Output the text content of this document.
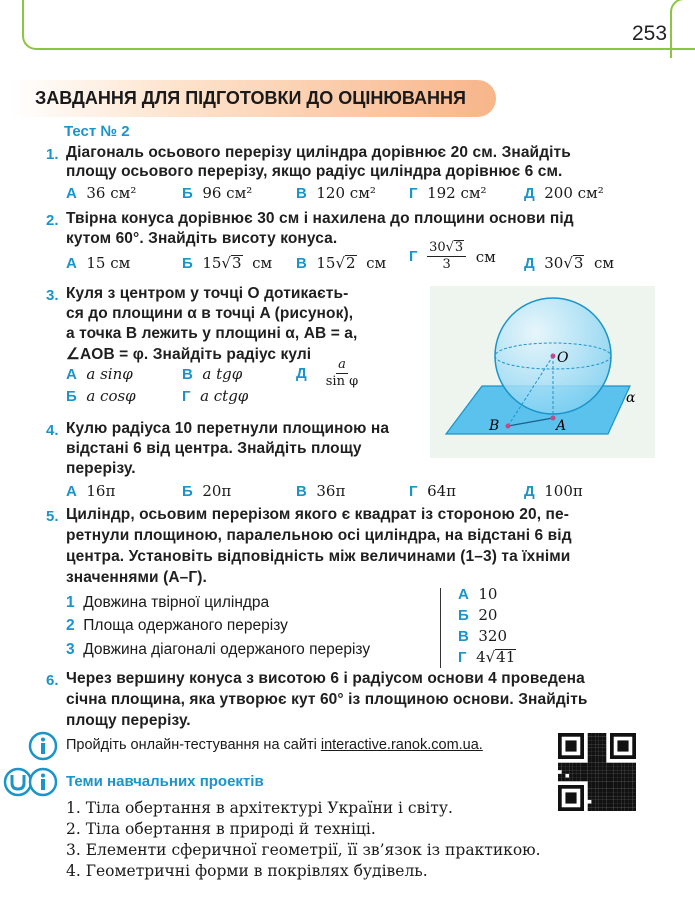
253
ЗАВДАННЯ ДЛЯ ПІДГОТОВКИ ДО ОЦІНЮВАННЯ
Тест № 2
1. Діагональ осьового перерізу циліндра дорівнює 20 см. Знайдіть
площу осьового перерізу, якщо радіус циліндра дорівнює 6 см.
А 36 см²	Б 96 см²	В 120 см² Г 192 см² Д 200 см²
2. Твірна конуса дорівнює 30 см і нахилена до площини основи під
кутом 60°. Знайдіть висоту конуса.
А 15 см	Б 15√3 см В 15√2 см Г
$\frac{30√3}{3}$
см Д 30√3 см
3. Куля з центром у точці O дотикаєть-
ся до площини α в точці A (рисунок),
а точка B лежить у площині α, AB = a,
∠AOB = φ. Знайдіть радіус кулі
А a sinφ	В a tgφ	Д
$\frac{a}{\text{sin φ}}$
Б a cosφ	Г a ctgφ
O
A
B
α
4. Кулю радіуса 10 перетнули площиною на
відстані 6 від центра. Знайдіть площу
перерізу.
А 16π	Б 20π	В 36π	Г 64π	Д 100π
5. Циліндр, осьовим перерізом якого є квадрат із стороною 20, пе-
ретнули площиною, паралельною осі циліндра, на відстані 6 від
центра. Установіть відповідність між величинами (1–3) та їхніми
значеннями (А–Г).
1 Довжина твірної циліндра
2 Площа одержаного перерізу
3 Довжина діагоналі одержаного перерізу
А 10
Б 20
В 320
Г 4√41
6. Через вершину конуса з висотою 6 і радіусом основи 4 проведена
січна площина, яка утворює кут 60° із площиною основи. Знайдіть
площу перерізу.
Пройдіть онлайн-тестування на сайті interactive.ranok.com.ua.
Теми навчальних проектів
1. Тіла обертання в архітектурі України і світу.
2. Тіла обертання в природі й техніці.
3. Елементи сферичної геометрії, її зв’язок із практикою.
4. Геометричні форми в покрівлях будівель.
